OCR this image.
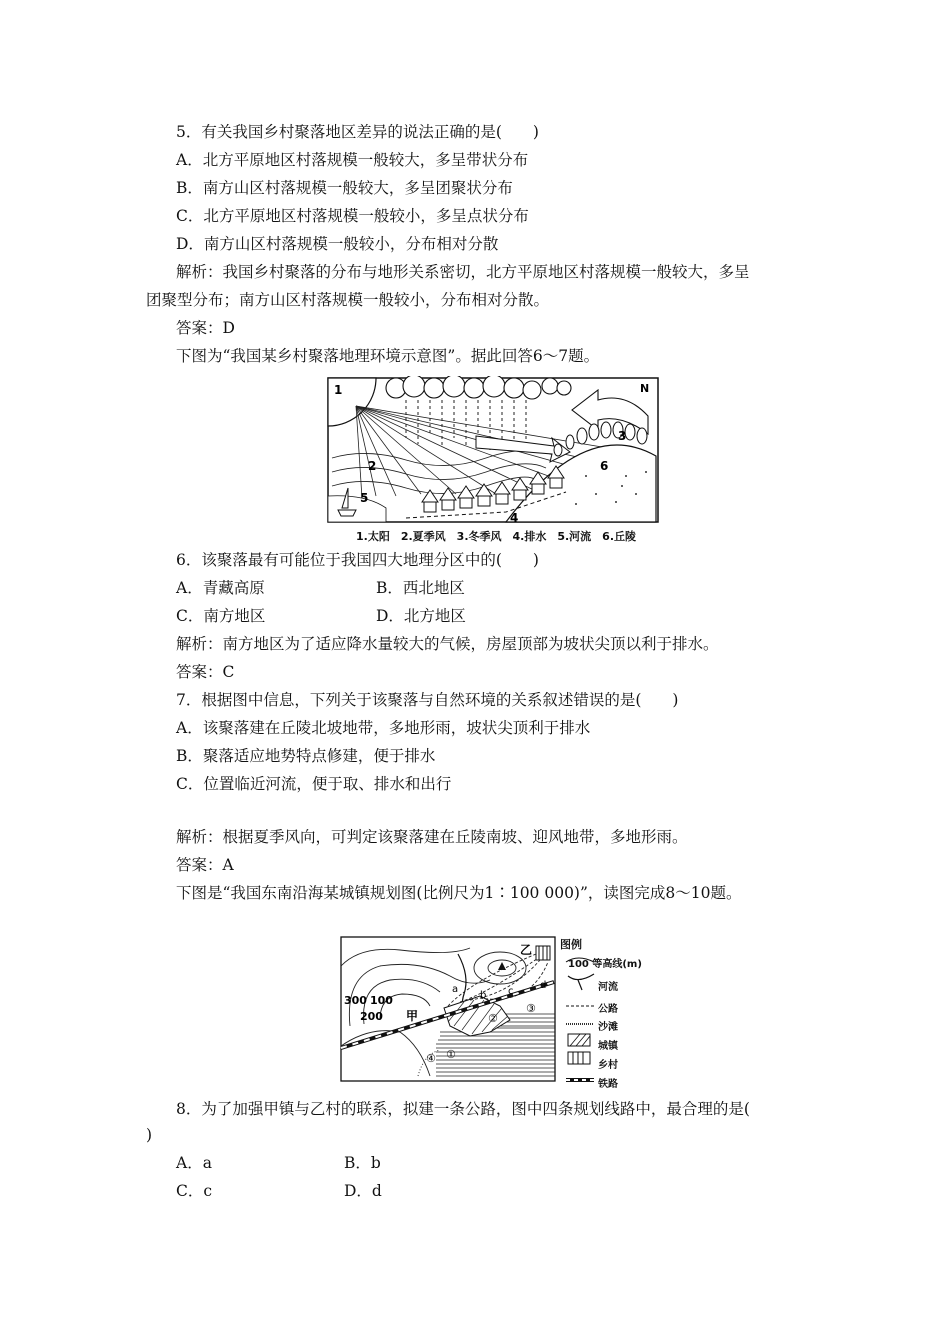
5．有关我国乡村聚落地区差异的说法正确的是(　　)
A．北方平原地区村落规模一般较大，多呈带状分布
B．南方山区村落规模一般较大，多呈团聚状分布
C．北方平原地区村落规模一般较小，多呈点状分布
D．南方山区村落规模一般较小，分布相对分散
解析：我国乡村聚落的分布与地形关系密切，北方平原地区村落规模一般较大，多呈
团聚型分布；南方山区村落规模一般较小，分布相对分散。
答案：D
下图为“我国某乡村聚落地理环境示意图”。据此回答6～7题。
1
2
3
4
5
6
N
1.太阳　2.夏季风　3.冬季风　4.排水　5.河流　6.丘陵
6．该聚落最有可能位于我国四大地理分区中的(　　)
A．青藏高原	B．西北地区
C．南方地区	D．北方地区
解析：南方地区为了适应降水量较大的气候，房屋顶部为坡状尖顶以利于排水。
答案：C
7．根据图中信息，下列关于该聚落与自然环境的关系叙述错误的是(　　)
A．该聚落建在丘陵北坡地带，多地形雨，坡状尖顶利于排水
B．聚落适应地势特点修建，便于排水
C．位置临近河流，便于取、排水和出行
解析：根据夏季风向，可判定该聚落建在丘陵南坡、迎风地带，多地形雨。
答案：A
下图是“我国东南沿海某城镇规划图(比例尺为1∶100 000)”，读图完成8～10题。
300 100
200 甲
乙
a
b c
d
①
②
③
④
图例
100 等高线(m)
河流
公路
沙滩
城镇
乡村
铁路
8．为了加强甲镇与乙村的联系，拟建一条公路，图中四条规划线路中，最合理的是(
)
A．a	B．b
C．c	D．d
